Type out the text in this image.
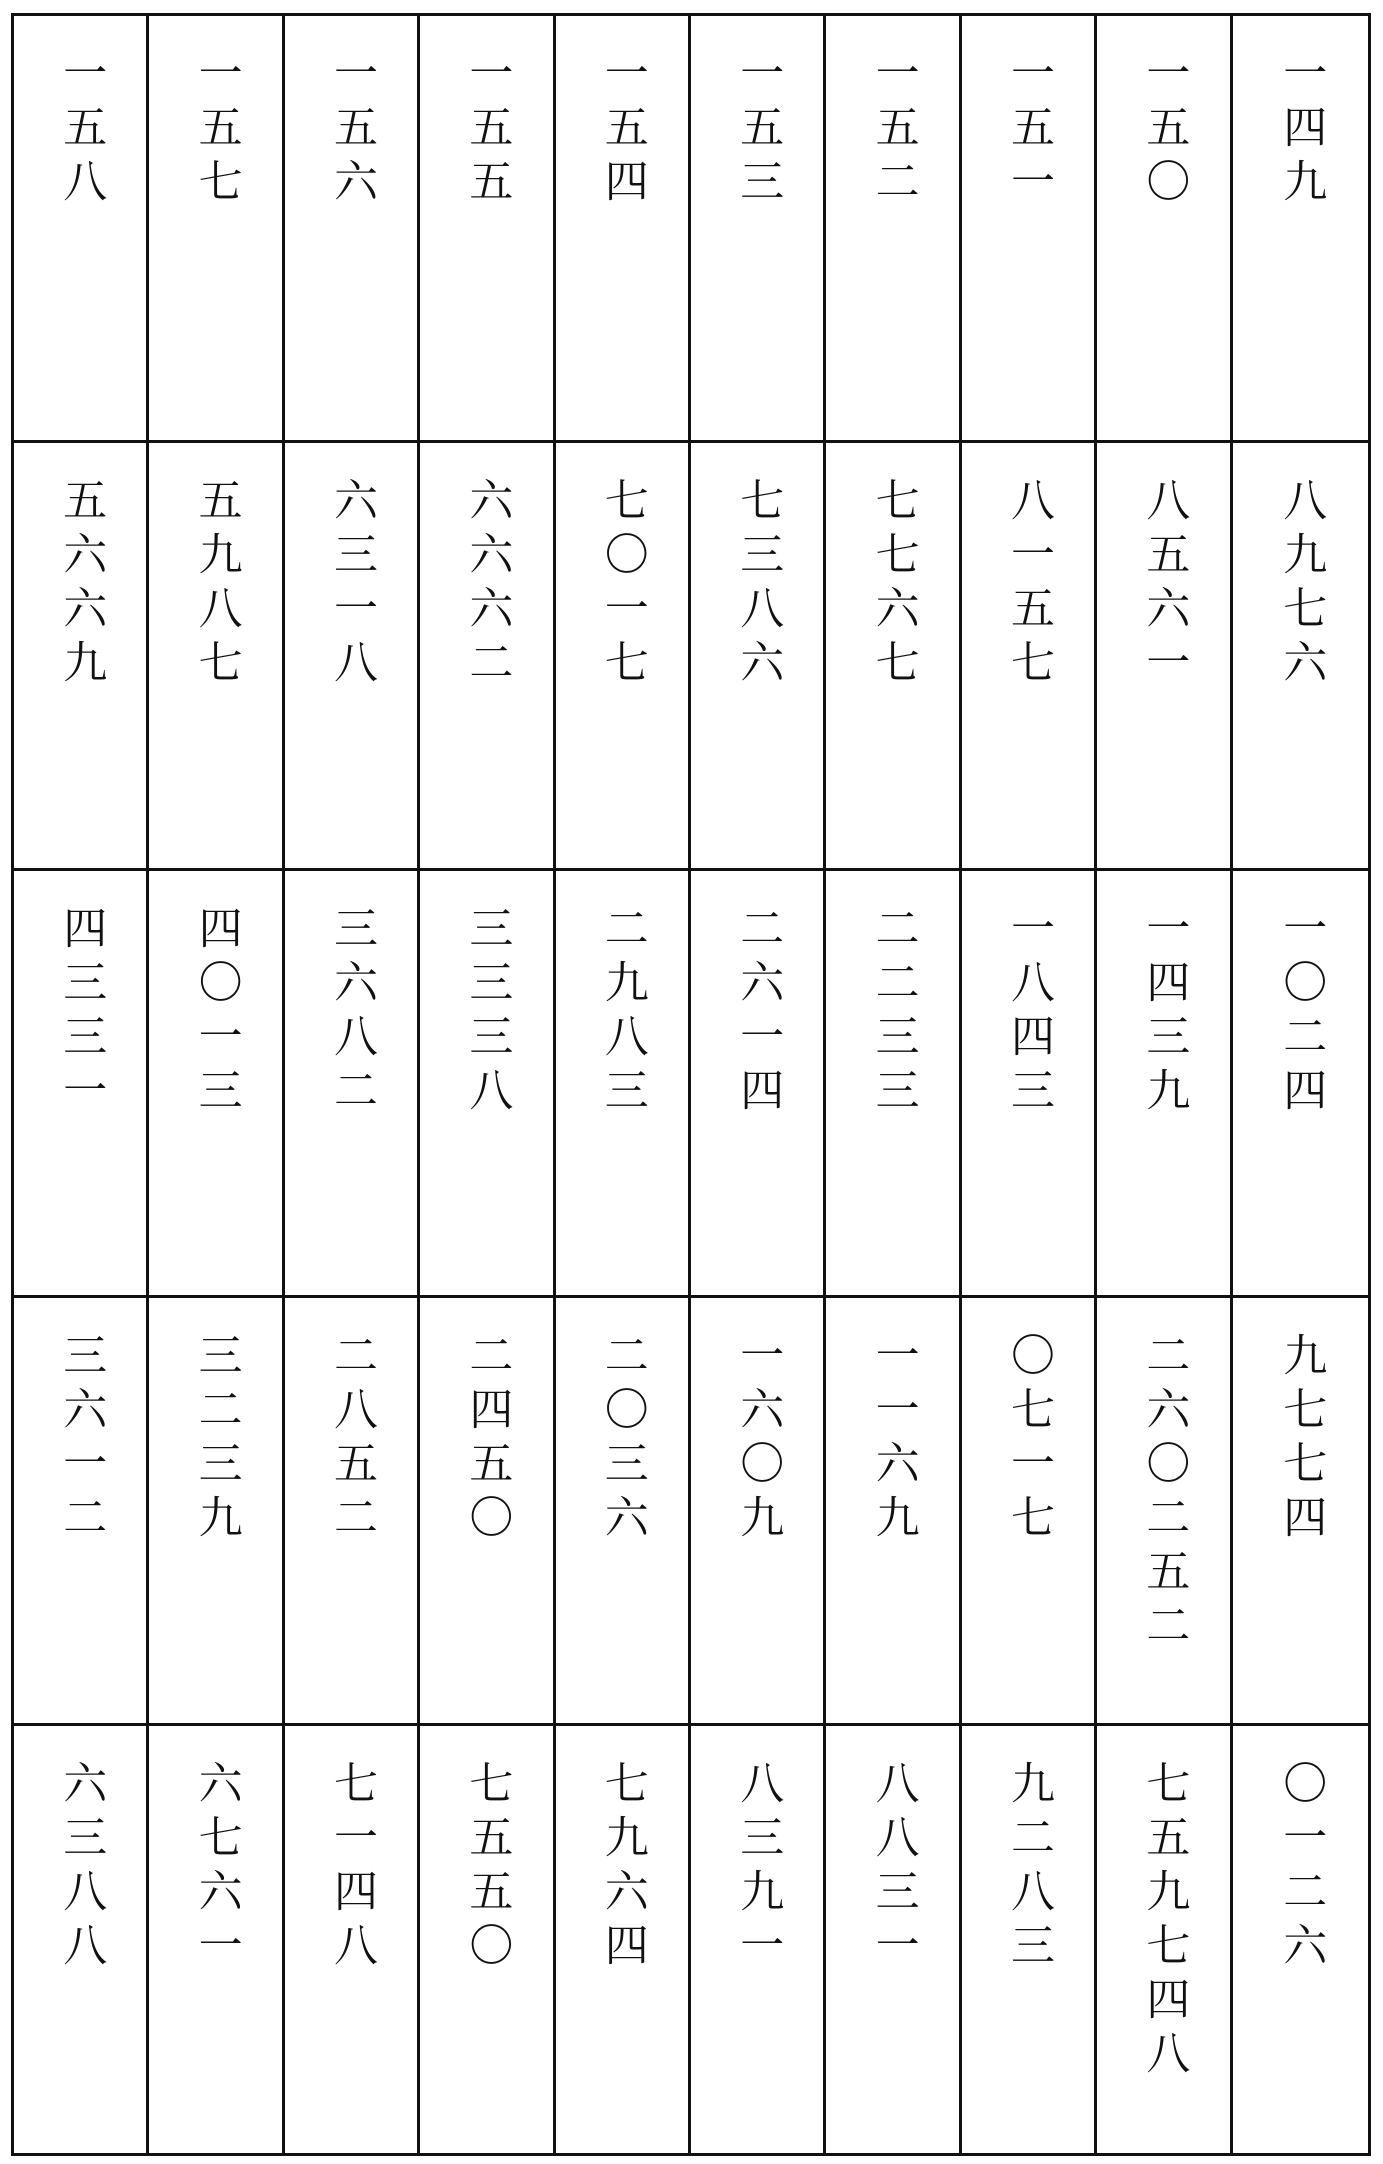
一五八 一五七 一五六 一五五 一五四 一五三 一五二 一五一 一五〇 一四九
五六六九 五九八七 六三一八 六六六二 七〇一七 七三八六 七七六七 八一五七 八五六一 八九七六
四三三一 四〇一三 三六八二 三三三八 二九八三 二六一四 二二三三 一八四三 一四三九 一〇二四
三六一二 三二三九 二八五二 二四五〇 二〇三六 一六〇九 一一六九 〇七一七 二六〇二五二 九七七四
六三八八 六七六一 七一四八 七五五〇 七九六四 八三九一 八八三一 九二八三 七五九七四八 〇一二六
